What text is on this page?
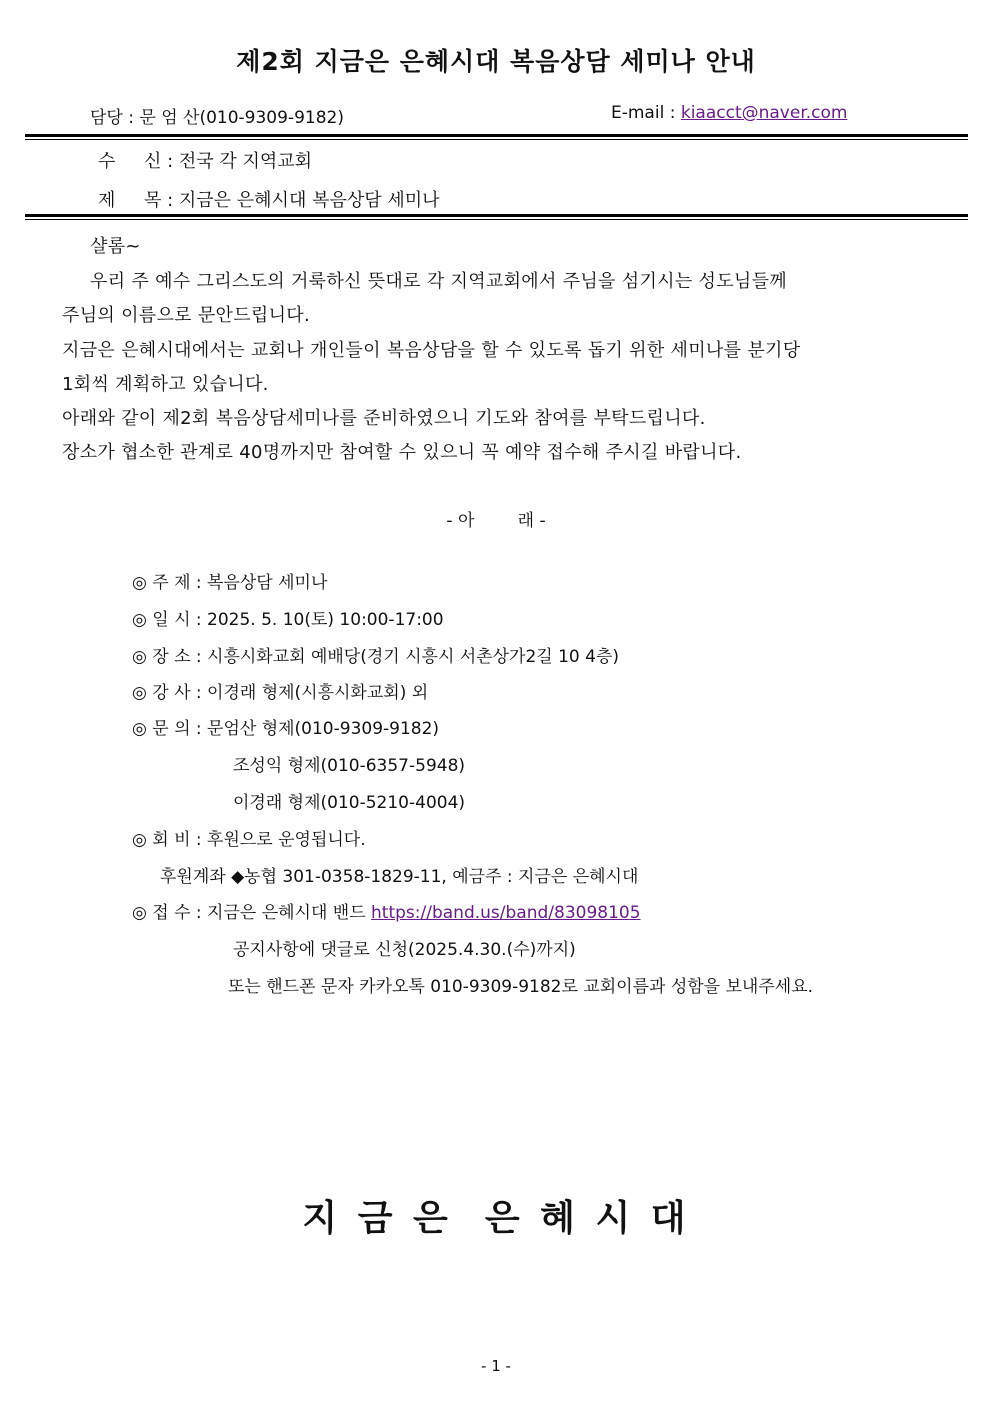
제2회 지금은 은혜시대 복음상담 세미나 안내
담당 : 문 엄 산(010-9309-9182)	E-mail : kiaacct@naver.com
수     신 : 전국 각 지역교회
제     목 : 지금은 은혜시대 복음상담 세미나
샬롬~
우리 주 예수 그리스도의 거룩하신 뜻대로 각 지역교회에서 주님을 섬기시는 성도님들께
주님의 이름으로 문안드립니다.
지금은 은혜시대에서는 교회나 개인들이 복음상담을 할 수 있도록 돕기 위한 세미나를 분기당
1회씩 계획하고 있습니다.
아래와 같이 제2회 복음상담세미나를 준비하였으니 기도와 참여를 부탁드립니다.
장소가 협소한 관계로 40명까지만 참여할 수 있으니 꼭 예약 접수해 주시길 바랍니다.
- 아        래 -
◎ 주 제 : 복음상담 세미나
◎ 일 시 : 2025. 5. 10(토) 10:00-17:00
◎ 장 소 : 시흥시화교회 예배당(경기 시흥시 서촌상가2길 10 4층)
◎ 강 사 : 이경래 형제(시흥시화교회) 외
◎ 문 의 : 문엄산 형제(010-9309-9182)
조성익 형제(010-6357-5948)
이경래 형제(010-5210-4004)
◎ 회 비 : 후원으로 운영됩니다.
후원계좌 ◆농협 301-0358-1829-11, 예금주 : 지금은 은혜시대
◎ 접 수 : 지금은 은혜시대 밴드 https://band.us/band/83098105
공지사항에 댓글로 신청(2025.4.30.(수)까지)
또는 핸드폰 문자 카카오톡 010-9309-9182로 교회이름과 성함을 보내주세요.
지 금 은  은 혜 시 대
- 1 -
